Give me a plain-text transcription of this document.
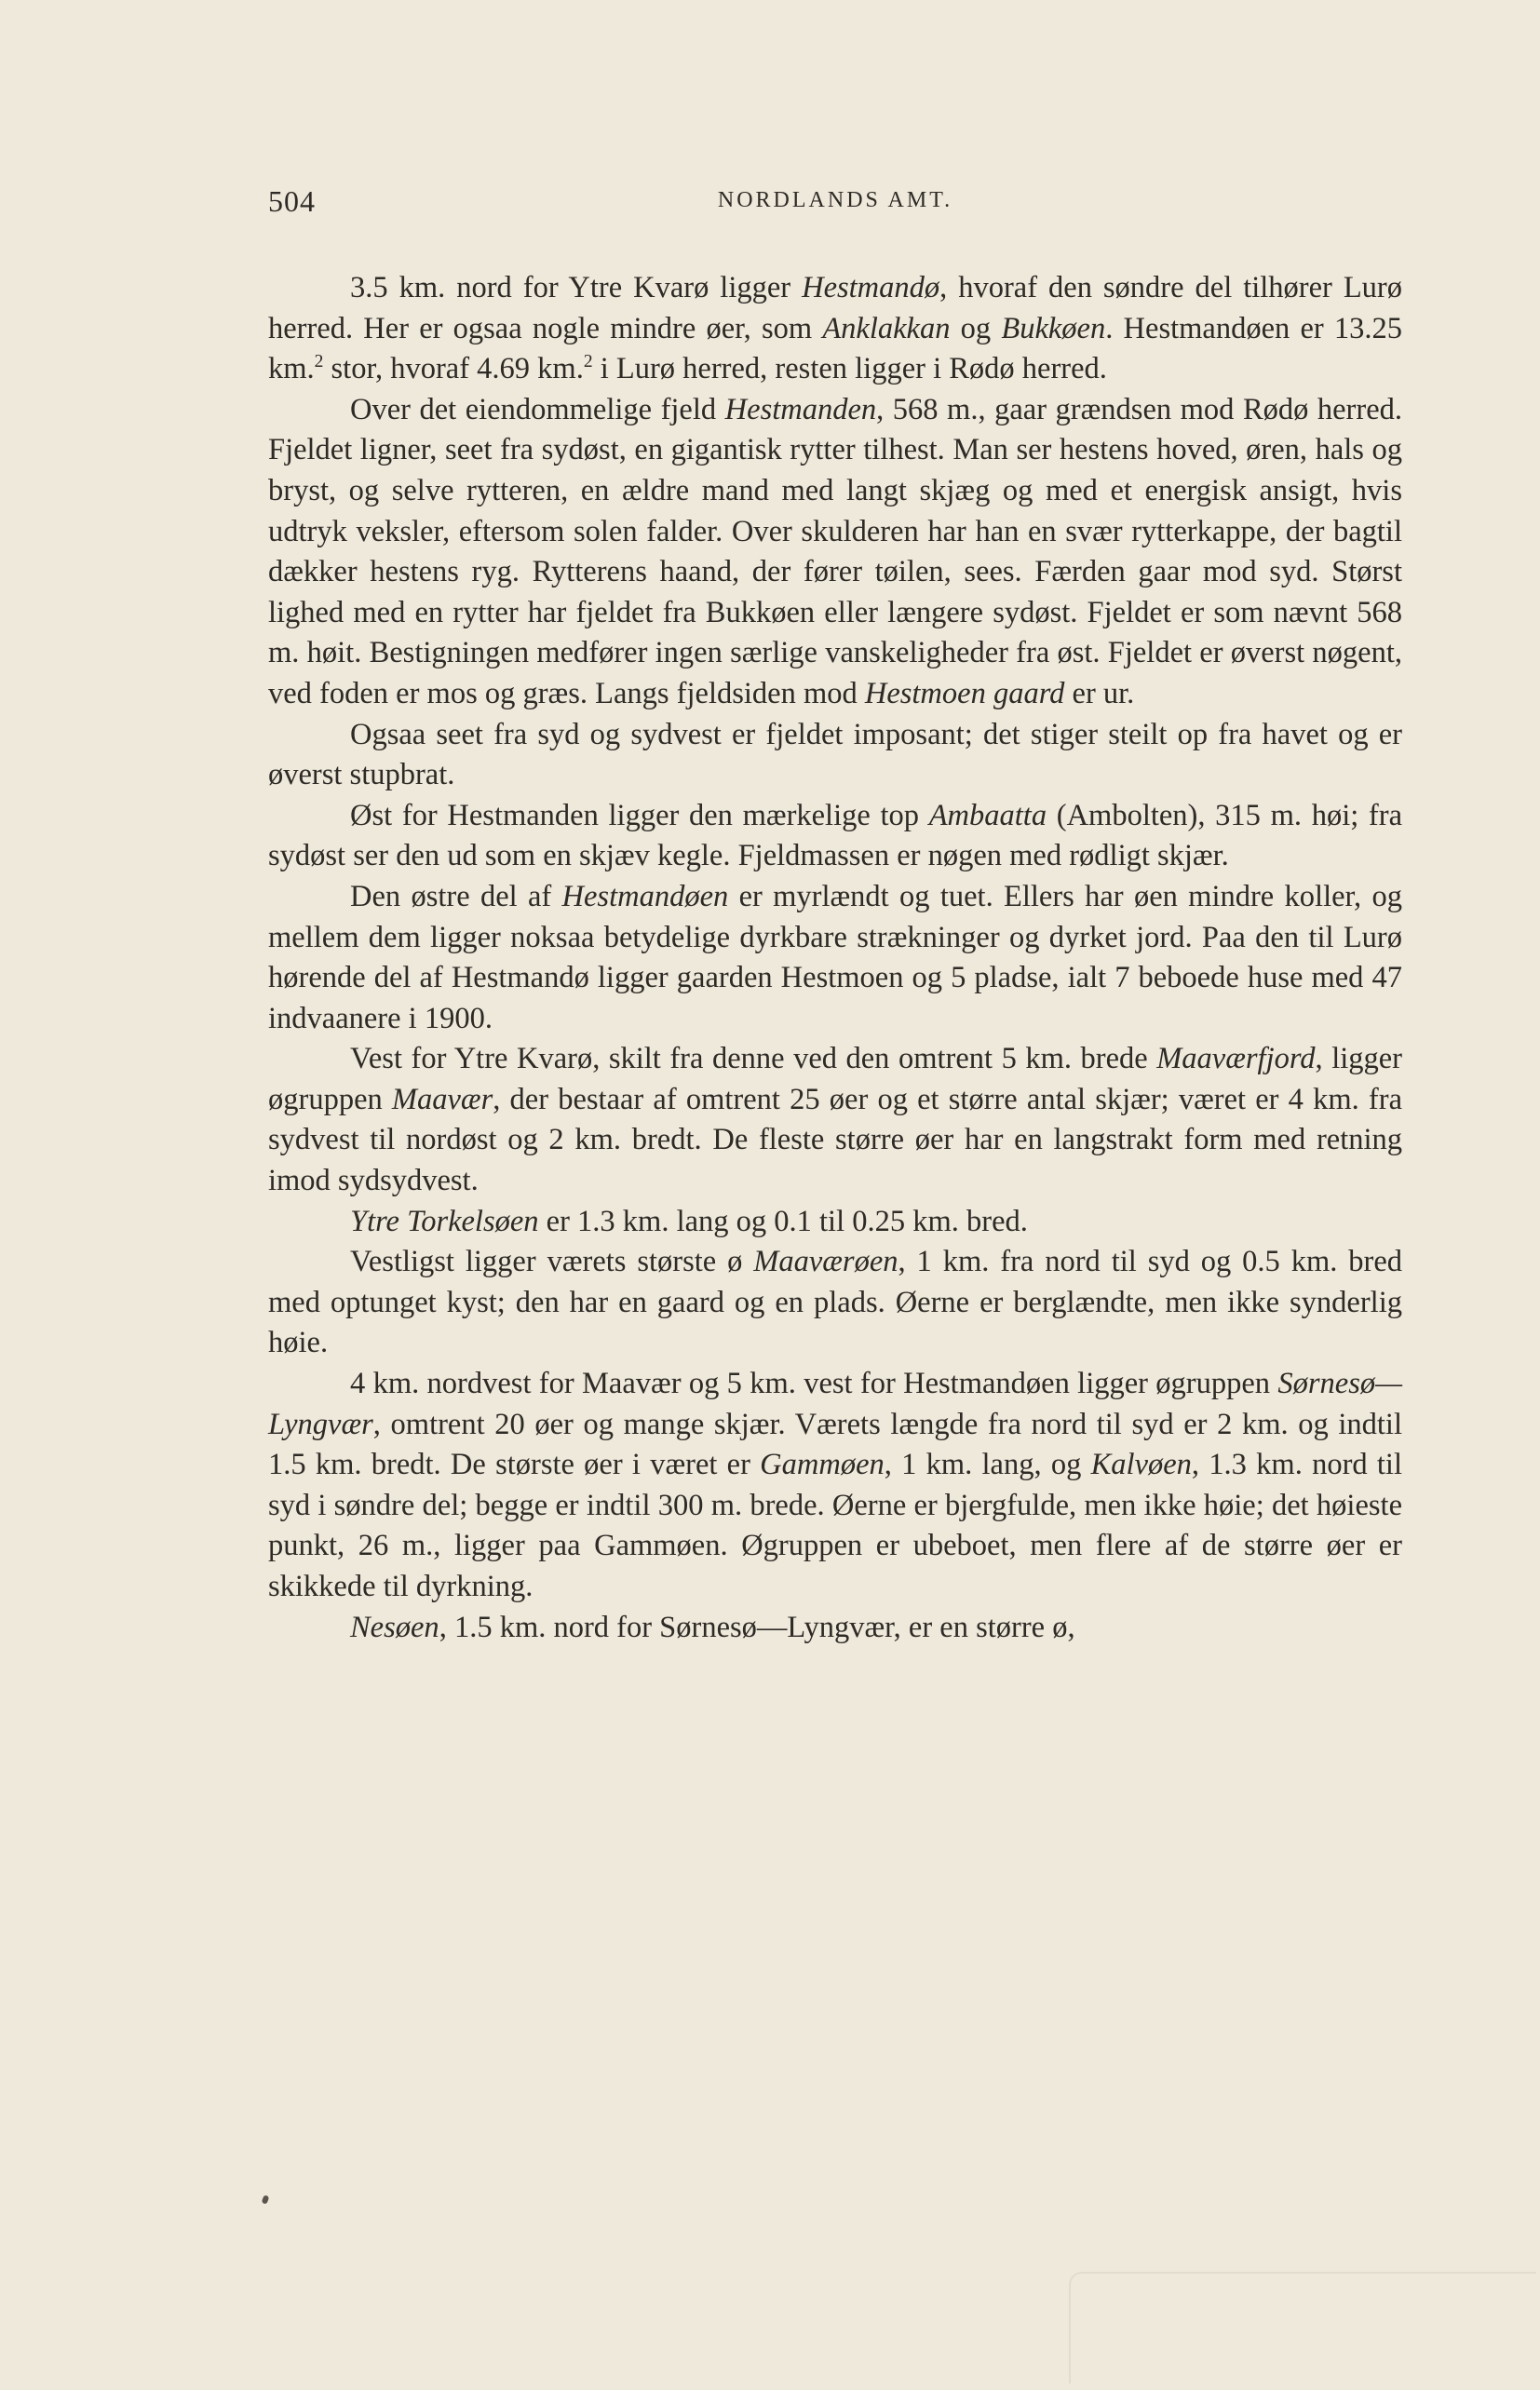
504	NORDLANDS AMT.

3.5 km. nord for Ytre Kvarø ligger Hestmandø, hvoraf den søndre del tilhører Lurø herred. Her er ogsaa nogle mindre øer, som Anklakkan og Bukkøen. Hestmandøen er 13.25 km.$^2$ stor, hvoraf 4.69 km.$^2$ i Lurø herred, resten ligger i Rødø herred.

Over det eiendommelige fjeld Hestmanden, 568 m., gaar grændsen mod Rødø herred. Fjeldet ligner, seet fra sydøst, en gigantisk rytter tilhest. Man ser hestens hoved, øren, hals og bryst, og selve rytteren, en ældre mand med langt skjæg og med et energisk ansigt, hvis udtryk veksler, eftersom solen falder. Over skulderen har han en svær rytterkappe, der bagtil dækker hestens ryg. Rytterens haand, der fører tøilen, sees. Færden gaar mod syd. Størst lighed med en rytter har fjeldet fra Bukkøen eller længere sydøst. Fjeldet er som nævnt 568 m. høit. Bestigningen medfører ingen særlige vanskeligheder fra øst. Fjeldet er øverst nøgent, ved foden er mos og græs. Langs fjeldsiden mod Hestmoen gaard er ur.

Ogsaa seet fra syd og sydvest er fjeldet imposant; det stiger steilt op fra havet og er øverst stupbrat.

Øst for Hestmanden ligger den mærkelige top Ambaatta (Ambolten), 315 m. høi; fra sydøst ser den ud som en skjæv kegle. Fjeldmassen er nøgen med rødligt skjær.

Den østre del af Hestmandøen er myrlændt og tuet. Ellers har øen mindre koller, og mellem dem ligger noksaa betydelige dyrkbare strækninger og dyrket jord. Paa den til Lurø hørende del af Hestmandø ligger gaarden Hestmoen og 5 pladse, ialt 7 beboede huse med 47 indvaanere i 1900.

Vest for Ytre Kvarø, skilt fra denne ved den omtrent 5 km. brede Maaværfjord, ligger øgruppen Maavær, der bestaar af omtrent 25 øer og et større antal skjær; været er 4 km. fra sydvest til nordøst og 2 km. bredt. De fleste større øer har en langstrakt form med retning imod sydsydvest.

Ytre Torkelsøen er 1.3 km. lang og 0.1 til 0.25 km. bred.

Vestligst ligger værets største ø Maaværøen, 1 km. fra nord til syd og 0.5 km. bred med optunget kyst; den har en gaard og en plads. Øerne er berglændte, men ikke synderlig høie.

4 km. nordvest for Maavær og 5 km. vest for Hestmandøen ligger øgruppen Sørnesø—Lyngvær, omtrent 20 øer og mange skjær. Værets længde fra nord til syd er 2 km. og indtil 1.5 km. bredt. De største øer i været er Gammøen, 1 km. lang, og Kalvøen, 1.3 km. nord til syd i søndre del; begge er indtil 300 m. brede. Øerne er bjergfulde, men ikke høie; det høieste punkt, 26 m., ligger paa Gammøen. Øgruppen er ubeboet, men flere af de større øer er skikkede til dyrkning.

Nesøen, 1.5 km. nord for Sørnesø—Lyngvær, er en større ø,
